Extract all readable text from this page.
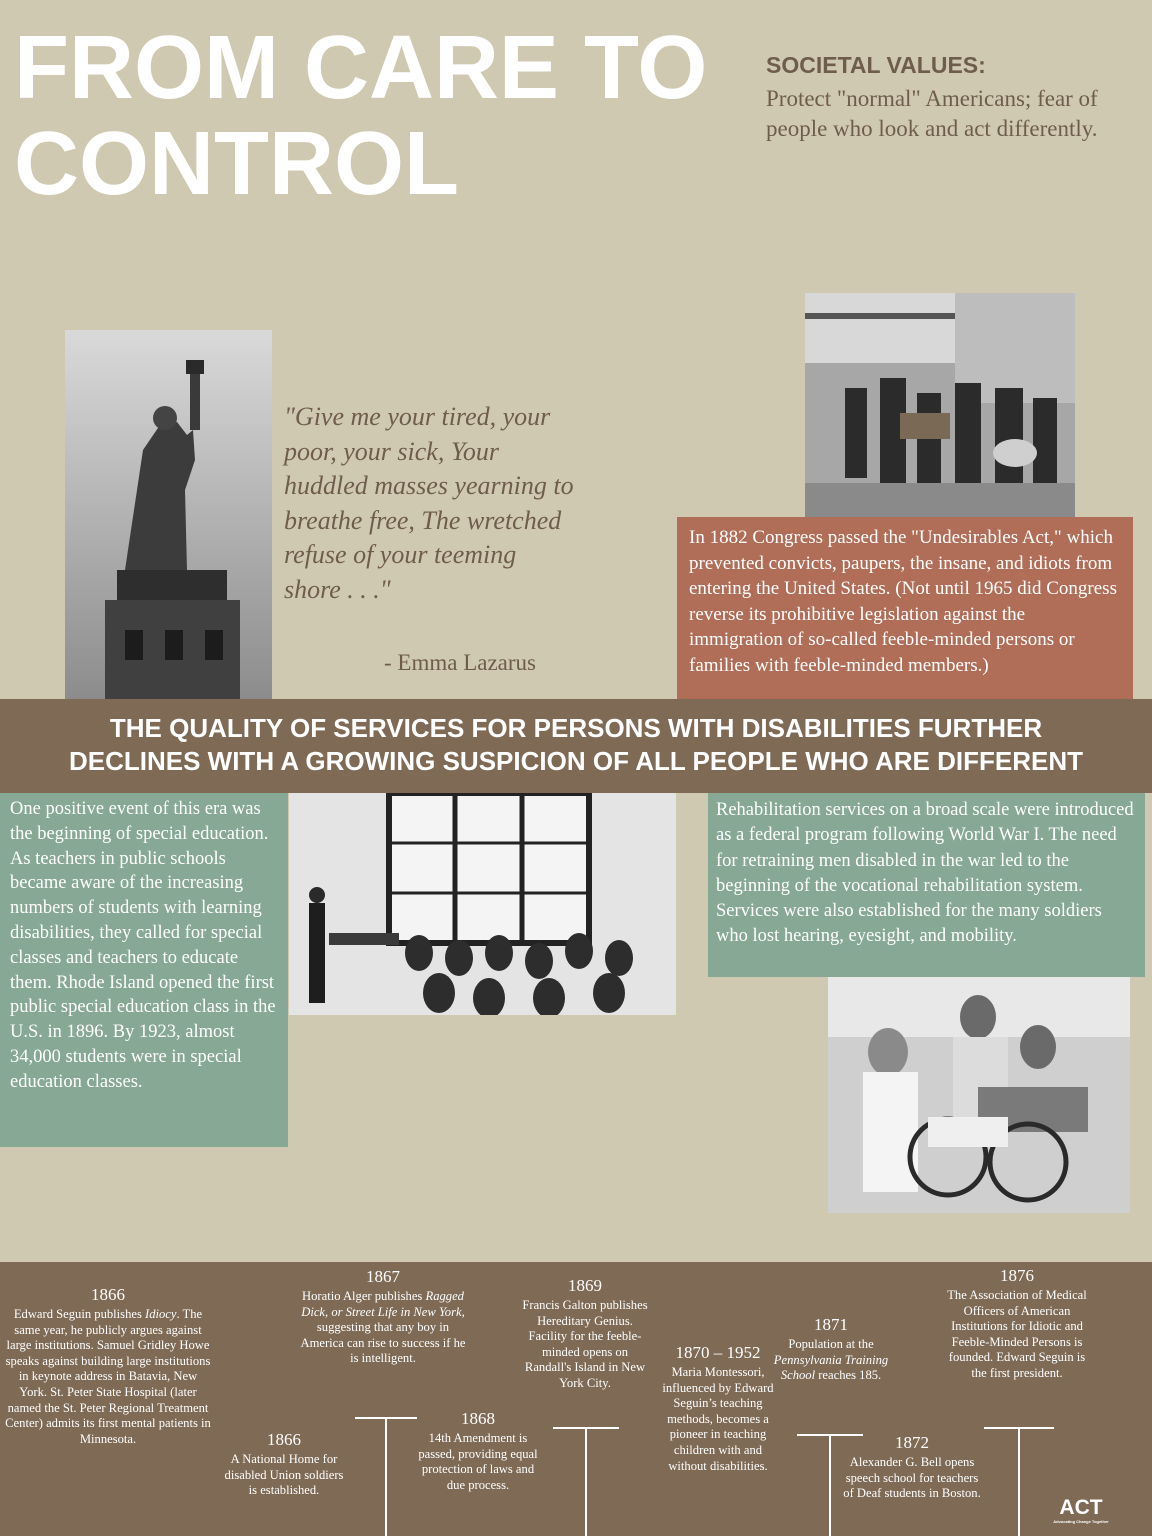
FROM CARE TO
CONTROL
SOCIETAL VALUES:
Protect "normal" Americans; fear of people who look and act differently.
"Give me your tired, your poor, your sick, Your huddled masses yearning to breathe free, The wretched refuse of your teeming shore . . ."
- Emma Lazarus
In 1882 Congress passed the "Undesirables Act," which prevented convicts, paupers, the insane, and idiots from entering the United States. (Not until 1965 did Congress reverse its prohibitive legislation against the immigration of so-called feeble-minded persons or families with feeble-minded members.)
THE QUALITY OF SERVICES FOR PERSONS WITH DISABILITIES FURTHER
DECLINES WITH A GROWING SUSPICION OF ALL PEOPLE WHO ARE DIFFERENT
One positive event of this era was the beginning of special education. As teachers in public schools became aware of the increasing numbers of students with learning disabilities, they called for special classes and teachers to educate them. Rhode Island opened the first public special education class in the U.S. in 1896. By 1923, almost 34,000 students were in special education classes.
Rehabilitation services on a broad scale were introduced as a federal program following World War I. The need for retraining men disabled in the war led to the beginning of the vocational rehabilitation system. Services were also established for the many soldiers who lost hearing, eyesight, and mobility.
1866
Edward Seguin publishes Idiocy. The same year, he publicly argues against large institutions. Samuel Gridley Howe speaks against building large institutions in keynote address in Batavia, New York. St. Peter State Hospital (later named the St. Peter Regional Treatment Center) admits its first mental patients in Minnesota.	1866
A National Home for disabled Union soldiers is established.
1867
Horatio Alger publishes Ragged Dick, or Street Life in New York, suggesting that any boy in America can rise to success if he is intelligent.
1868
14th Amendment is passed, providing equal protection of laws and due process.
1869
Francis Galton publishes Hereditary Genius. Facility for the feeble-minded opens on Randall's Island in New York City.
1870 – 1952
Maria Montessori, influenced by Edward Seguin’s teaching methods, becomes a pioneer in teaching children with and without disabilities.
1871
Population at the Pennsylvania Training School reaches 185.
1872
Alexander G. Bell opens speech school for teachers of Deaf students in Boston.
1876
The Association of Medical Officers of American Institutions for Idiotic and Feeble-Minded Persons is founded. Edward Seguin is the first president.
ACT
Advocating Change Together
